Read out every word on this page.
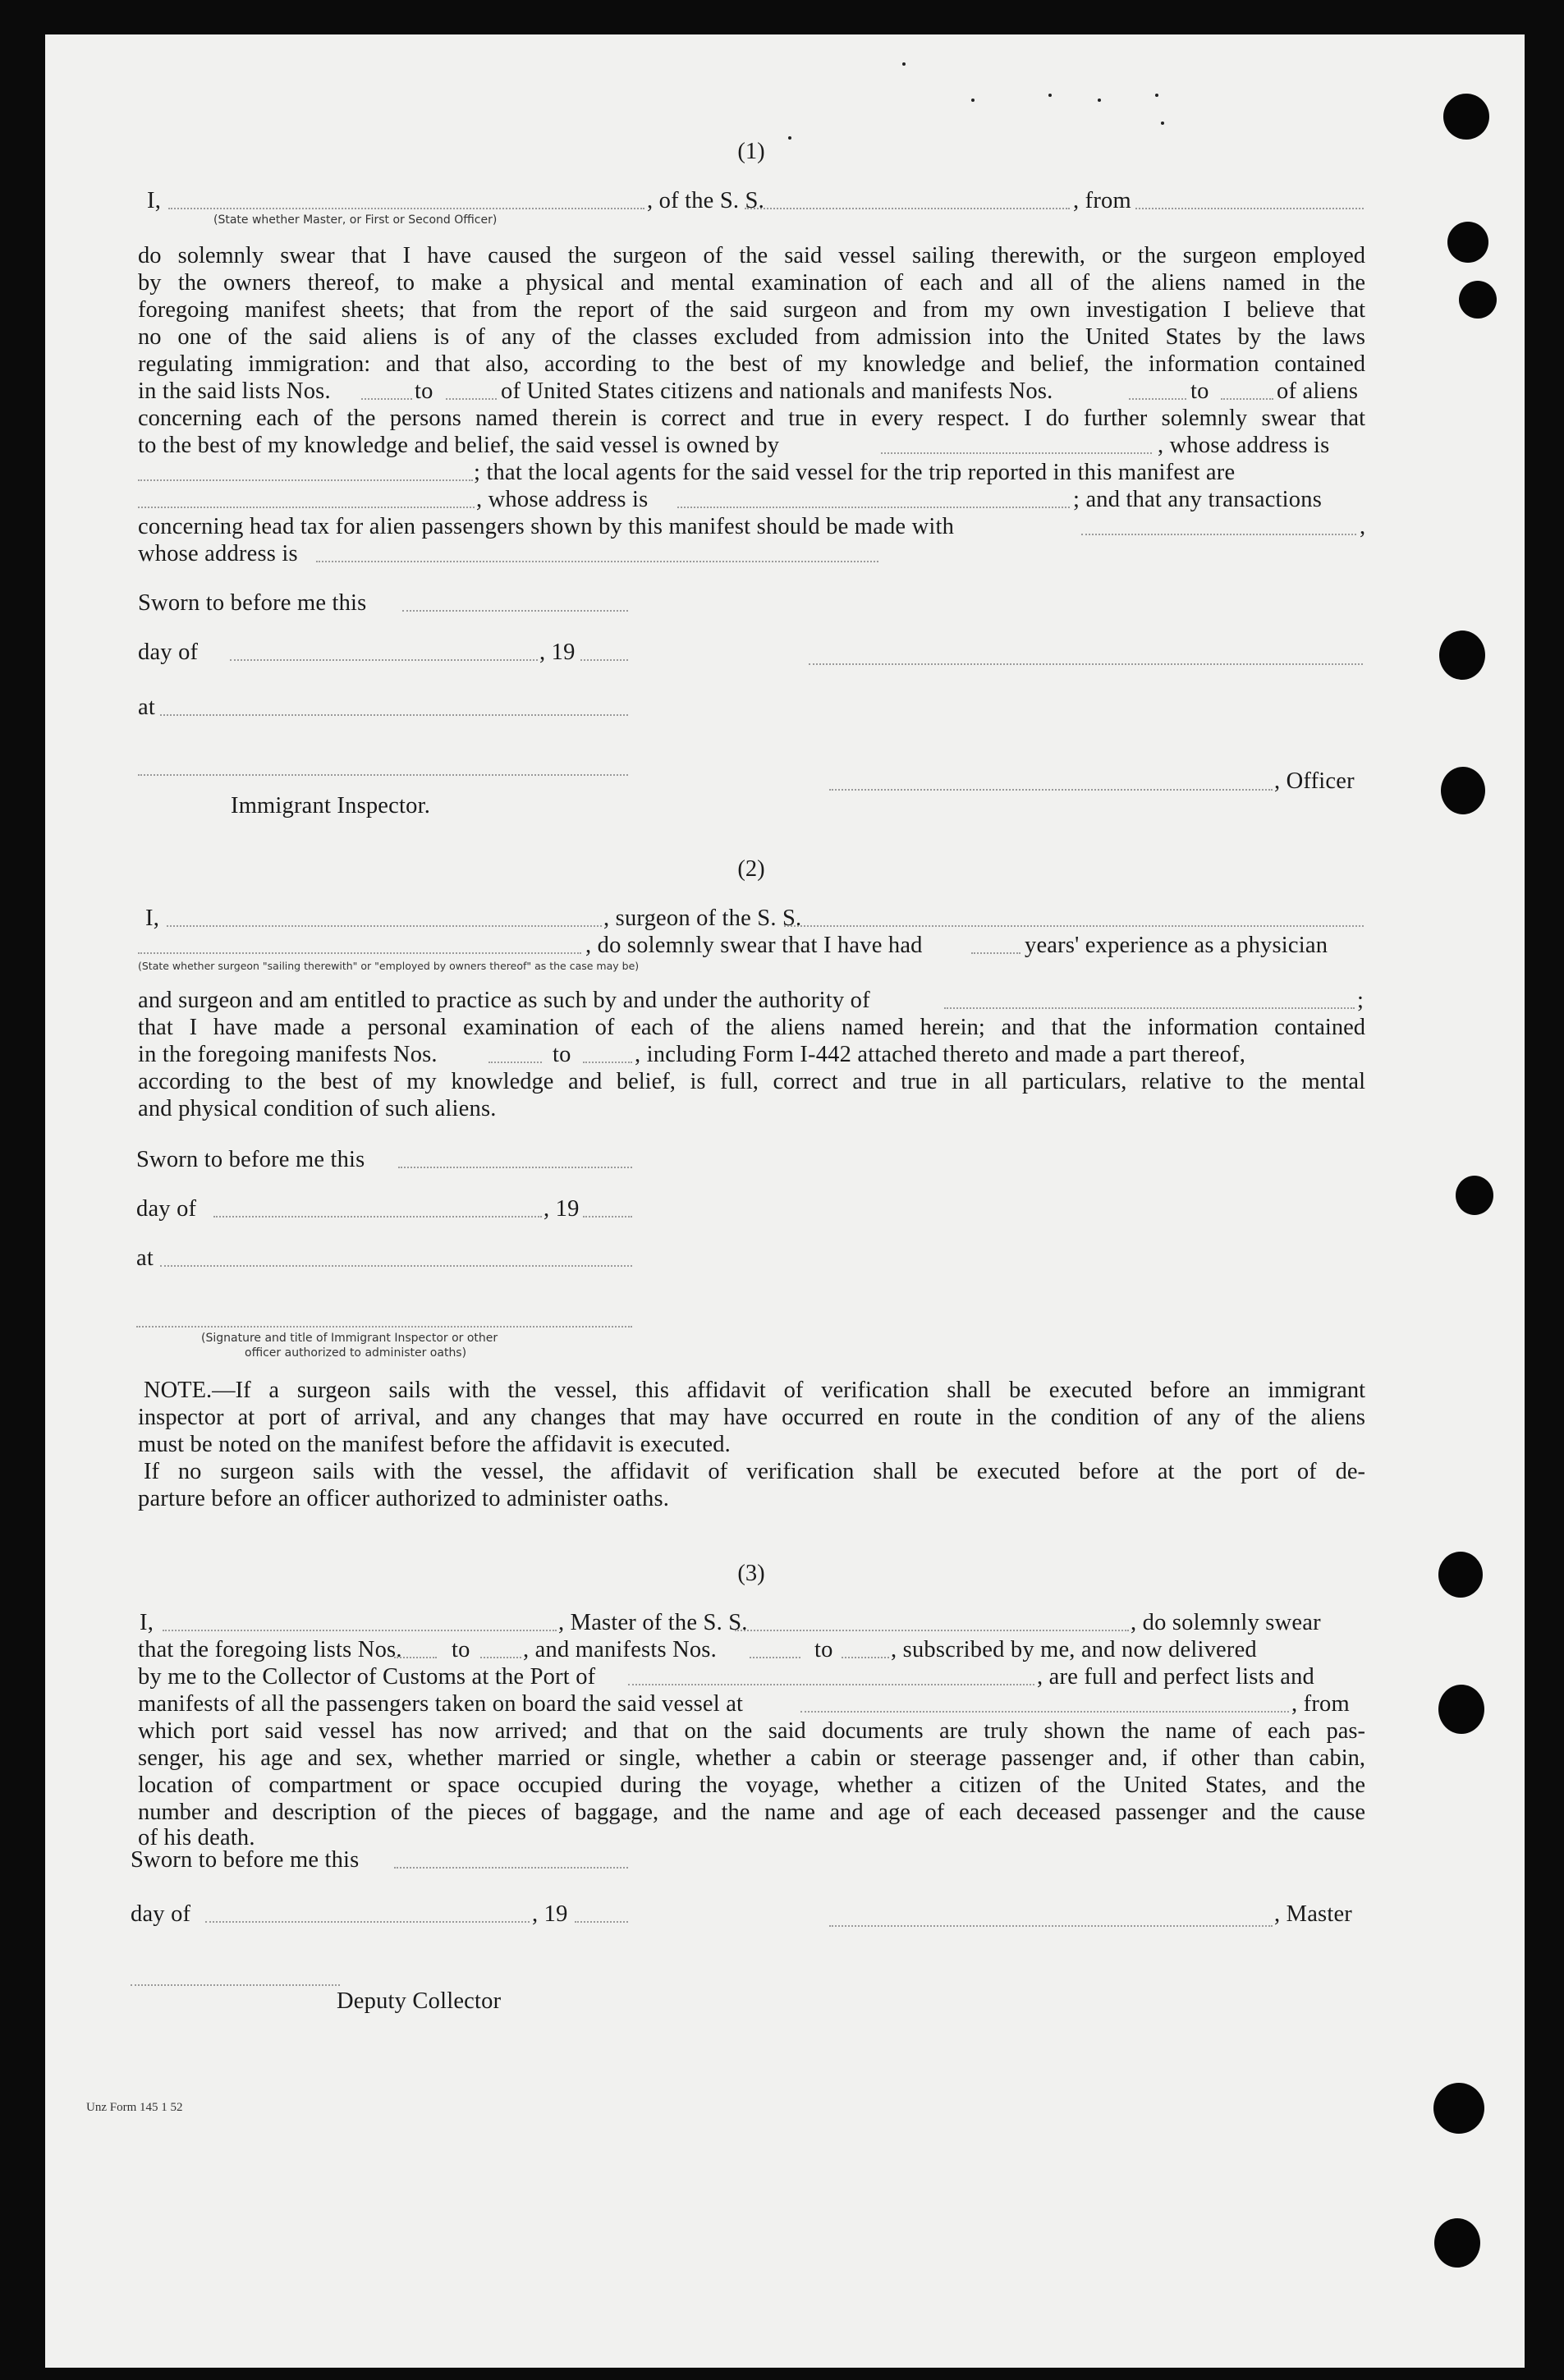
(1)
I,	, of the S. S.	, from
(State whether Master, or First or Second Officer)
do solemnly swear that I have caused the surgeon of the said vessel sailing therewith, or the surgeon employed
by the owners thereof, to make a physical and mental examination of each and all of the aliens named in the
foregoing manifest sheets; that from the report of the said surgeon and from my own investigation I believe that
no one of the said aliens is of any of the classes excluded from admission into the United States by the laws
regulating immigration: and that also, according to the best of my knowledge and belief, the information contained
in the said lists Nos.	to	of United States citizens and nationals and manifests Nos.	to	of aliens
concerning each of the persons named therein is correct and true in every respect. I do further solemnly swear that
to the best of my knowledge and belief, the said vessel is owned by	, whose address is
; that the local agents for the said vessel for the trip reported in this manifest are
, whose address is	; and that any transactions
concerning head tax for alien passengers shown by this manifest should be made with	,
whose address is
Sworn to before me this
day of	, 19
at
Immigrant Inspector.
, Officer
(2)
I,	, surgeon of the S. S.
, do solemnly swear that I have had	years' experience as a physician
(State whether surgeon "sailing therewith" or "employed by owners thereof" as the case may be)
and surgeon and am entitled to practice as such by and under the authority of	;
that I have made a personal examination of each of the aliens named herein; and that the information contained
in the foregoing manifests Nos.	to	, including Form I-442 attached thereto and made a part thereof,
according to the best of my knowledge and belief, is full, correct and true in all particulars, relative to the mental
and physical condition of such aliens.
Sworn to before me this
day of	, 19
at
(Signature and title of Immigrant Inspector or other
officer authorized to administer oaths)
NOTE.—If a surgeon sails with the vessel, this affidavit of verification shall be executed before an immigrant
inspector at port of arrival, and any changes that may have occurred en route in the condition of any of the aliens
must be noted on the manifest before the affidavit is executed.
If no surgeon sails with the vessel, the affidavit of verification shall be executed before at the port of de-
parture before an officer authorized to administer oaths.
(3)
I,	, Master of the S. S.	, do solemnly swear
that the foregoing lists Nos. to , and manifests Nos.	to , subscribed by me, and now delivered
by me to the Collector of Customs at the Port of	, are full and perfect lists and
manifests of all the passengers taken on board the said vessel at	, from
which port said vessel has now arrived; and that on the said documents are truly shown the name of each pas-
senger, his age and sex, whether married or single, whether a cabin or steerage passenger and, if other than cabin,
location of compartment or space occupied during the voyage, whether a citizen of the United States, and the
number and description of the pieces of baggage, and the name and age of each deceased passenger and the cause
of his death.
Sworn to before me this
day of	, 19	, Master
Deputy Collector
Unz Form 145 1 52
